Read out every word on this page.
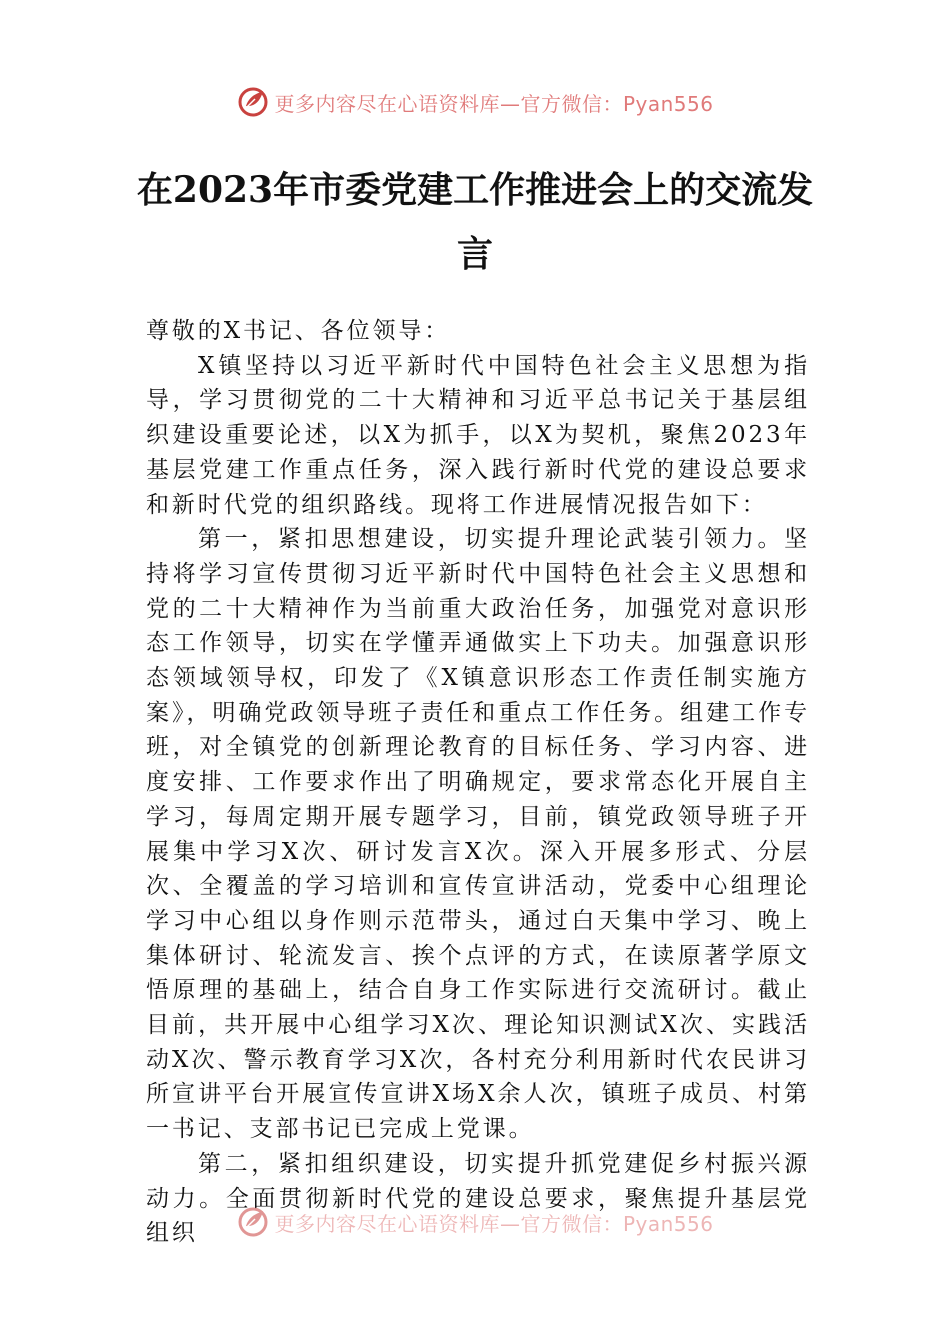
更多内容尽在心语资料库—官方微信：Pyan556
在2023年市委党建工作推进会上的交流发言

尊敬的X书记、各位领导：

X镇坚持以习近平新时代中国特色社会主义思想为指导，学习贯彻党的二十大精神和习近平总书记关于基层组织建设重要论述，以X为抓手，以X为契机，聚焦2023年基层党建工作重点任务，深入践行新时代党的建设总要求和新时代党的组织路线。现将工作进展情况报告如下：

第一，紧扣思想建设，切实提升理论武装引领力。坚持将学习宣传贯彻习近平新时代中国特色社会主义思想和党的二十大精神作为当前重大政治任务，加强党对意识形态工作领导，切实在学懂弄通做实上下功夫。加强意识形态领域领导权，印发了《X镇意识形态工作责任制实施方案》，明确党政领导班子责任和重点工作任务。组建工作专班，对全镇党的创新理论教育的目标任务、学习内容、进度安排、工作要求作出了明确规定，要求常态化开展自主学习，每周定期开展专题学习，目前，镇党政领导班子开展集中学习X次、研讨发言X次。深入开展多形式、分层次、全覆盖的学习培训和宣传宣讲活动，党委中心组理论学习中心组以身作则示范带头，通过白天集中学习、晚上集体研讨、轮流发言、挨个点评的方式，在读原著学原文悟原理的基础上，结合自身工作实际进行交流研讨。截止目前，共开展中心组学习X次、理论知识测试X次、实践活动X次、警示教育学习X次，各村充分利用新时代农民讲习所宣讲平台开展宣传宣讲X场X余人次，镇班子成员、村第一书记、支部书记已完成上党课。

第二，紧扣组织建设，切实提升抓党建促乡村振兴源动力。全面贯彻新时代党的建设总要求，聚焦提升基层党组织	更多内容尽在心语资料库—官方微信：Pyan556
